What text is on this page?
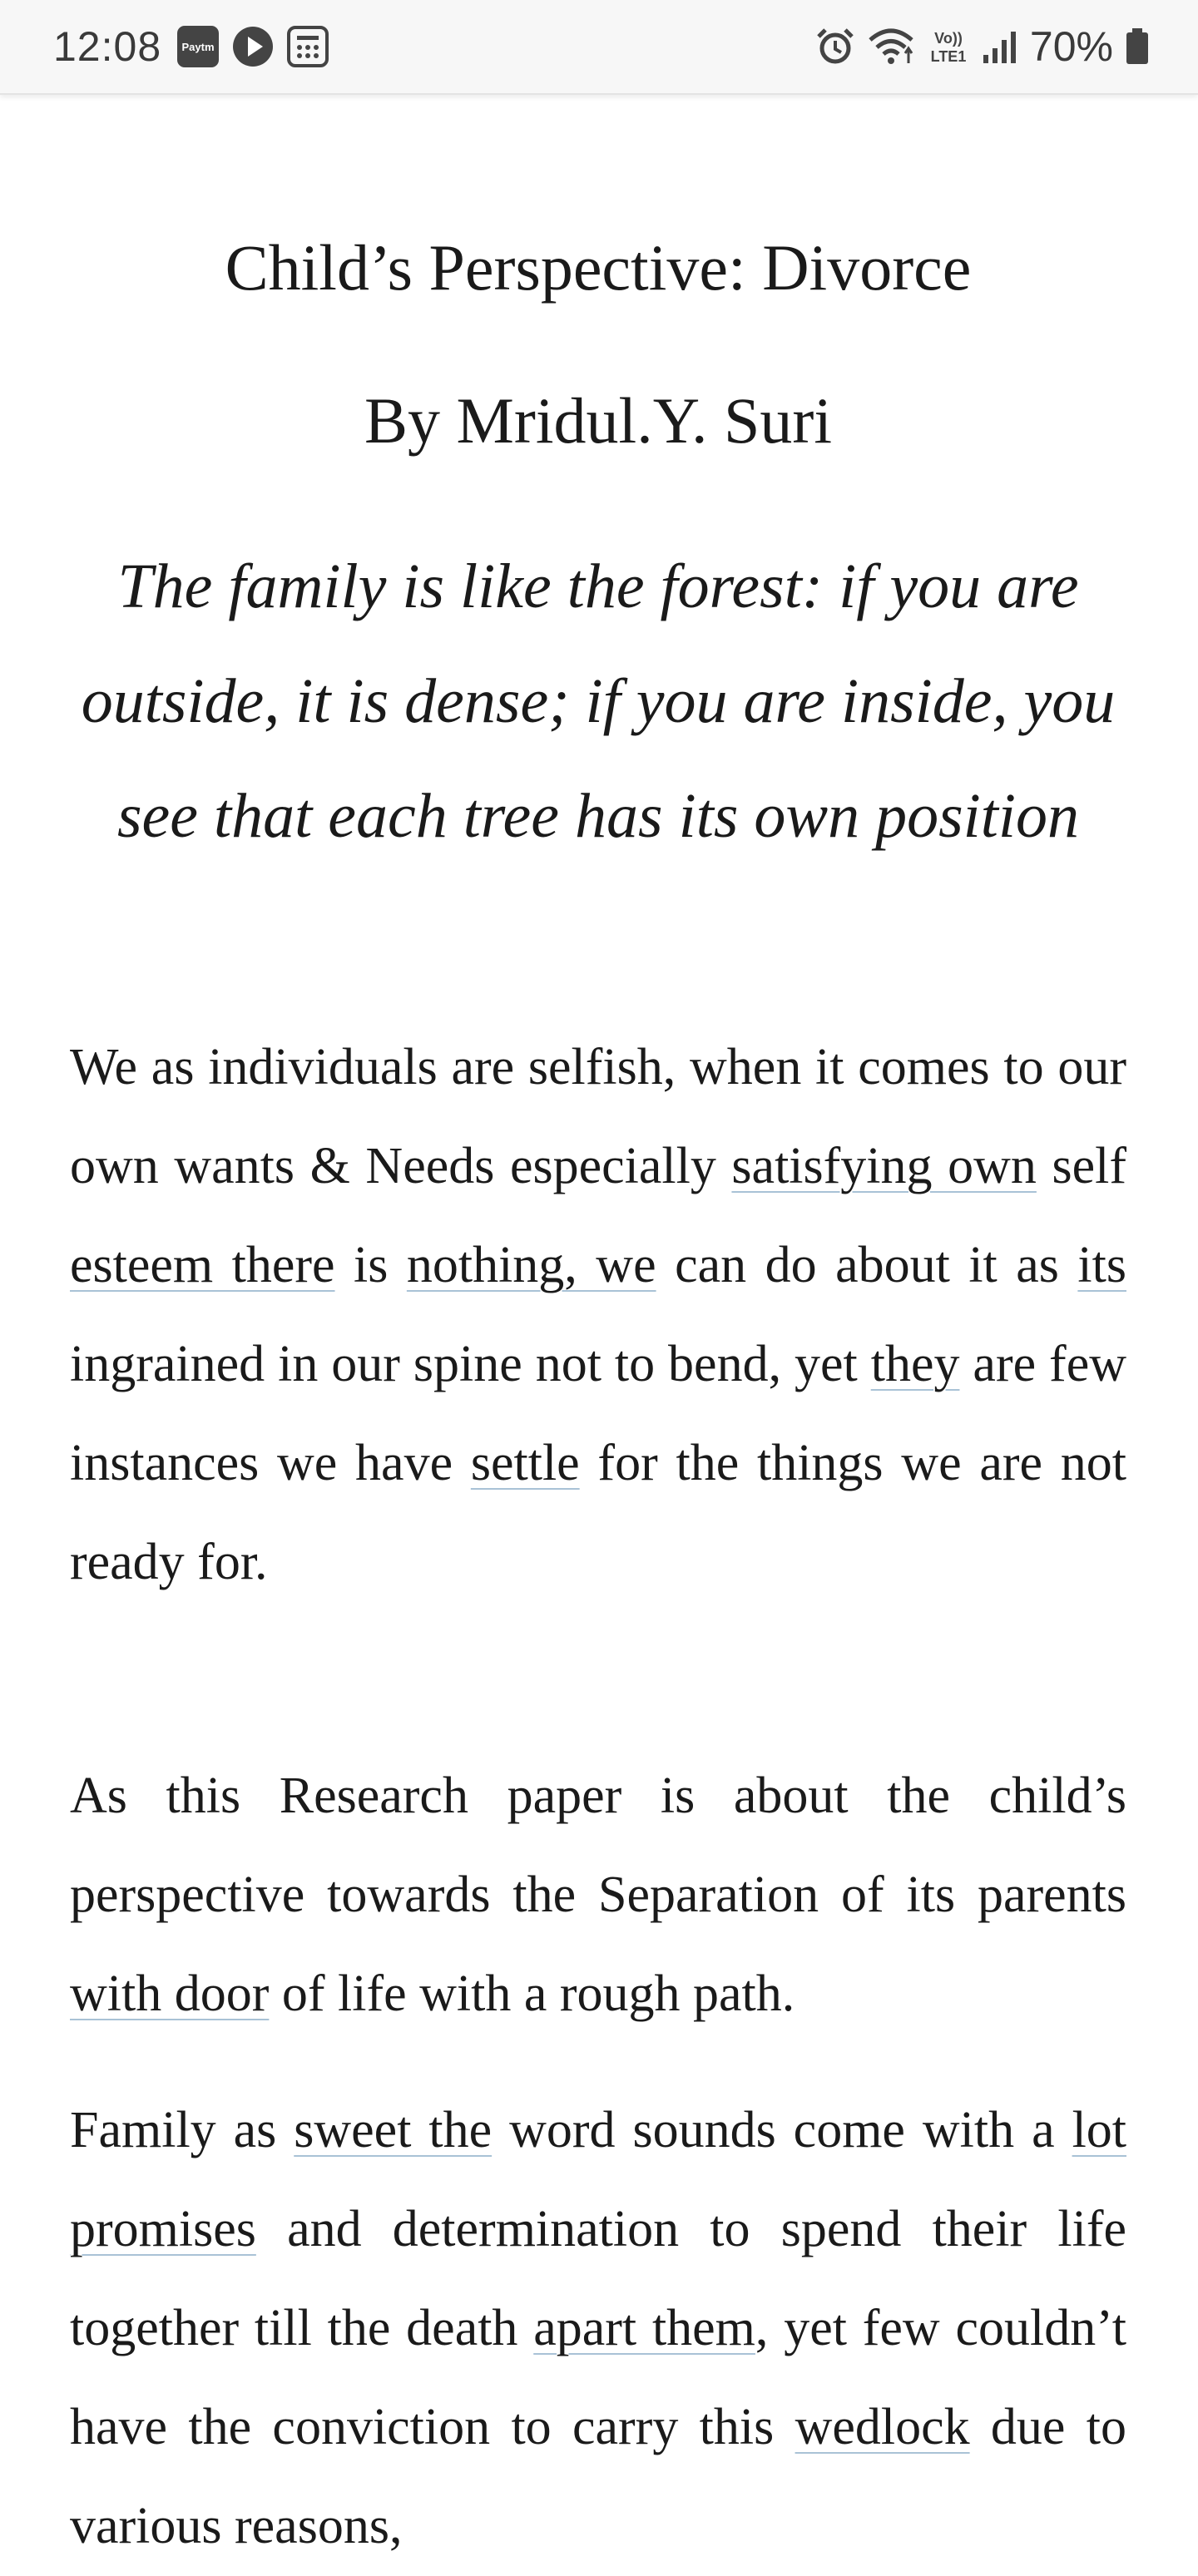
12:08 Paytm
Vo))
LTE1 70%
Child’s Perspective: Divorce
By Mridul.Y. Suri

The family is like the forest: if you are outside, it is dense; if you are inside, you see that each tree has its own position

We as individuals are selfish, when it comes to our own wants & Needs especially satisfying own self esteem there is nothing, we can do about it as its ingrained in our spine not to bend, yet they are few instances we have settle for the things we are not ready for.

As this Research paper is about the child’s perspective towards the Separation of its parents with door of life with a rough path.

Family as sweet the word sounds come with a lot promises and determination to spend their life together till the death apart them, yet few couldn’t have the conviction to carry this wedlock due to various reasons,
